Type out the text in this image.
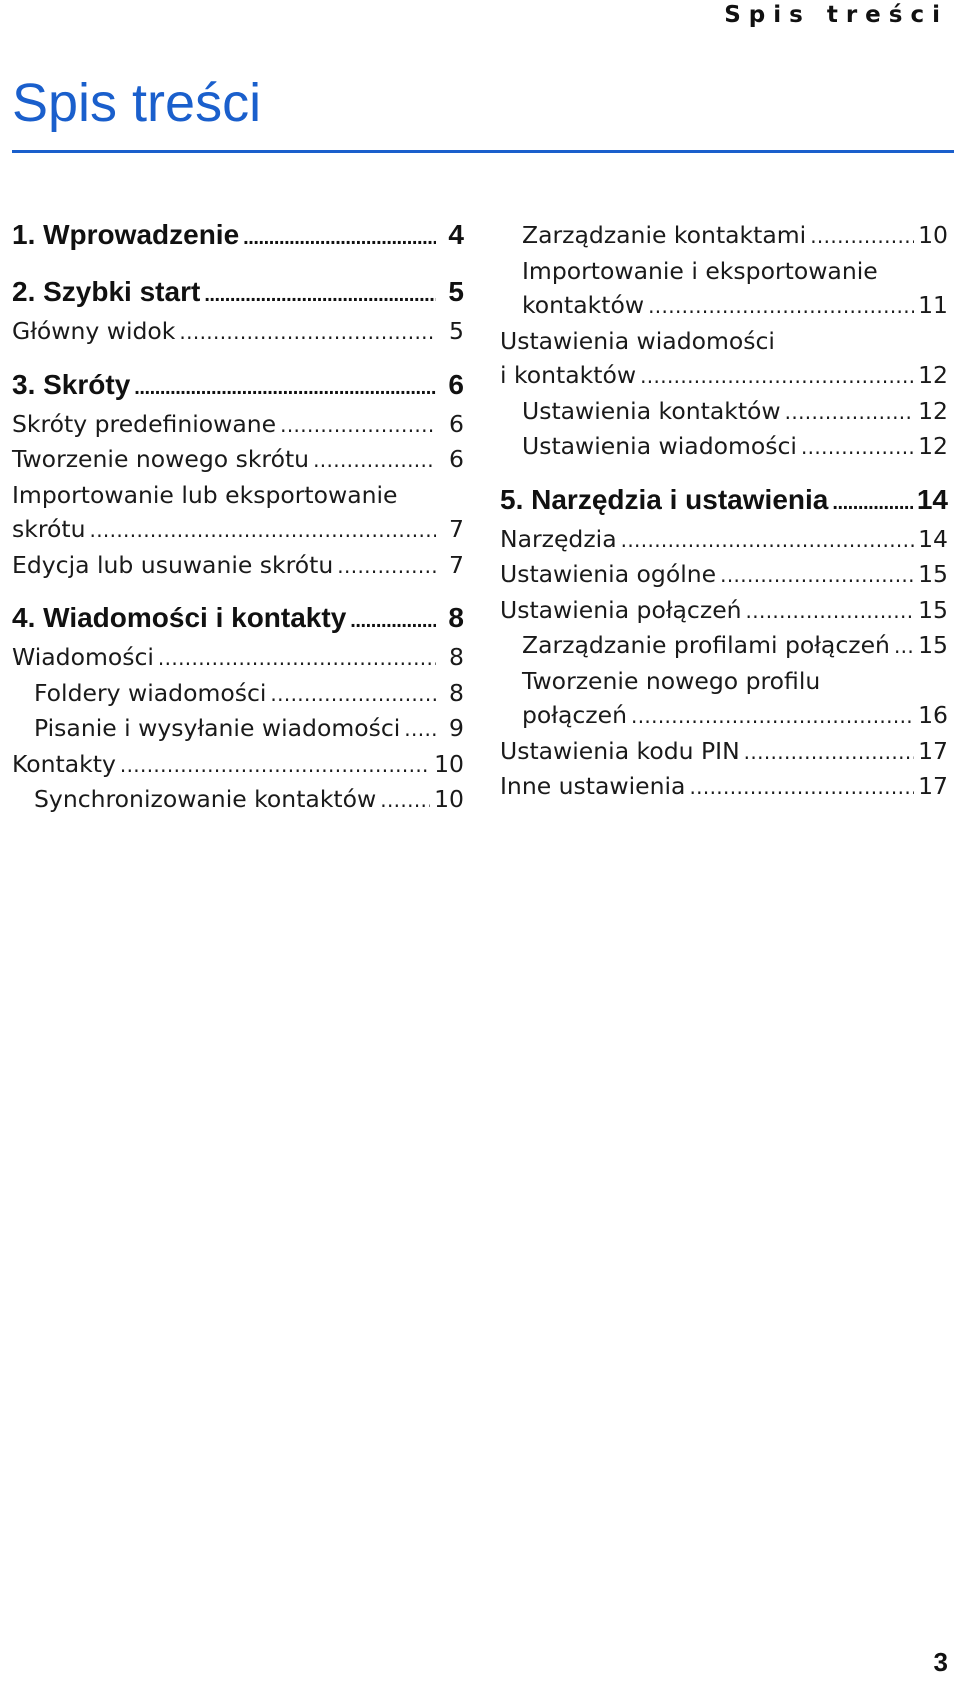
Spis treści
Spis treści
1. Wprowadzenie . . .	4
2. Szybki start . . .	5
Główny widok . . .	5
3. Skróty . . .	6
Skróty predefiniowane . . .	6
Tworzenie nowego skrótu . . .	6
Importowanie lub eksportowanie
skrótu . . .	7
Edycja lub usuwanie skrótu . . .	7
4. Wiadomości i kontakty . . .	8
Wiadomości . . .	8
Foldery wiadomości . . .	8
Pisanie i wysyłanie wiadomości . . .	9
Kontakty . . .	10
Synchronizowanie kontaktów . . . 10
Zarządzanie kontaktami . . .	10
Importowanie i eksportowanie
kontaktów . . .	11
Ustawienia wiadomości
i kontaktów . . .	12
Ustawienia kontaktów . . .	12
Ustawienia wiadomości . . .	12
5. Narzędzia i ustawienia . . .	14
Narzędzia . . .	14
Ustawienia ogólne . . .	15
Ustawienia połączeń . . .	15
Zarządzanie profilami połączeń . . . 15
Tworzenie nowego profilu
połączeń . . .	16
Ustawienia kodu PIN . . .	17
Inne ustawienia . . .	17
3
